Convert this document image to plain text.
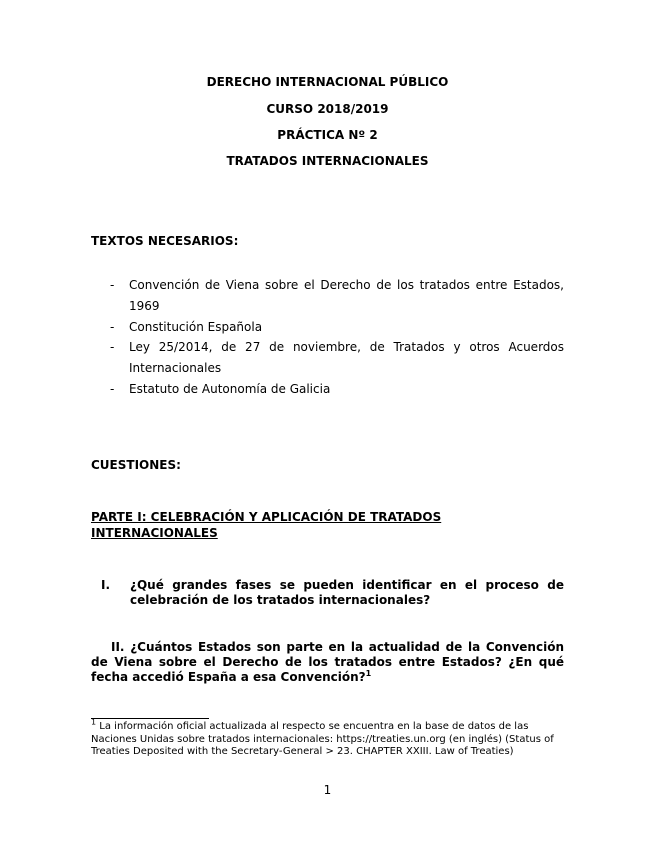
DERECHO INTERNACIONAL PÚBLICO
CURSO 2018/2019
PRÁCTICA Nº 2
TRATADOS INTERNACIONALES
TEXTOS NECESARIOS:
- Convención de Viena sobre el Derecho de los tratados entre Estados, 1969
- Constitución Española
- Ley 25/2014, de 27 de noviembre, de Tratados y otros Acuerdos Internacionales
- Estatuto de Autonomía de Galicia
CUESTIONES:
PARTE I: CELEBRACIÓN Y APLICACIÓN DE TRATADOS INTERNACIONALES
I. ¿Qué grandes fases se pueden identificar en el proceso de celebración de los tratados internacionales?
II. ¿Cuántos Estados son parte en la actualidad de la Convención de Viena sobre el Derecho de los tratados entre Estados? ¿En qué fecha accedió España a esa Convención?$^1$
$^1$ La información oficial actualizada al respecto se encuentra en la base de datos de las Naciones Unidas sobre tratados internacionales: https://treaties.un.org (en inglés) (Status of Treaties Deposited with the Secretary-General > 23. CHAPTER XXIII. Law of Treaties)
1
